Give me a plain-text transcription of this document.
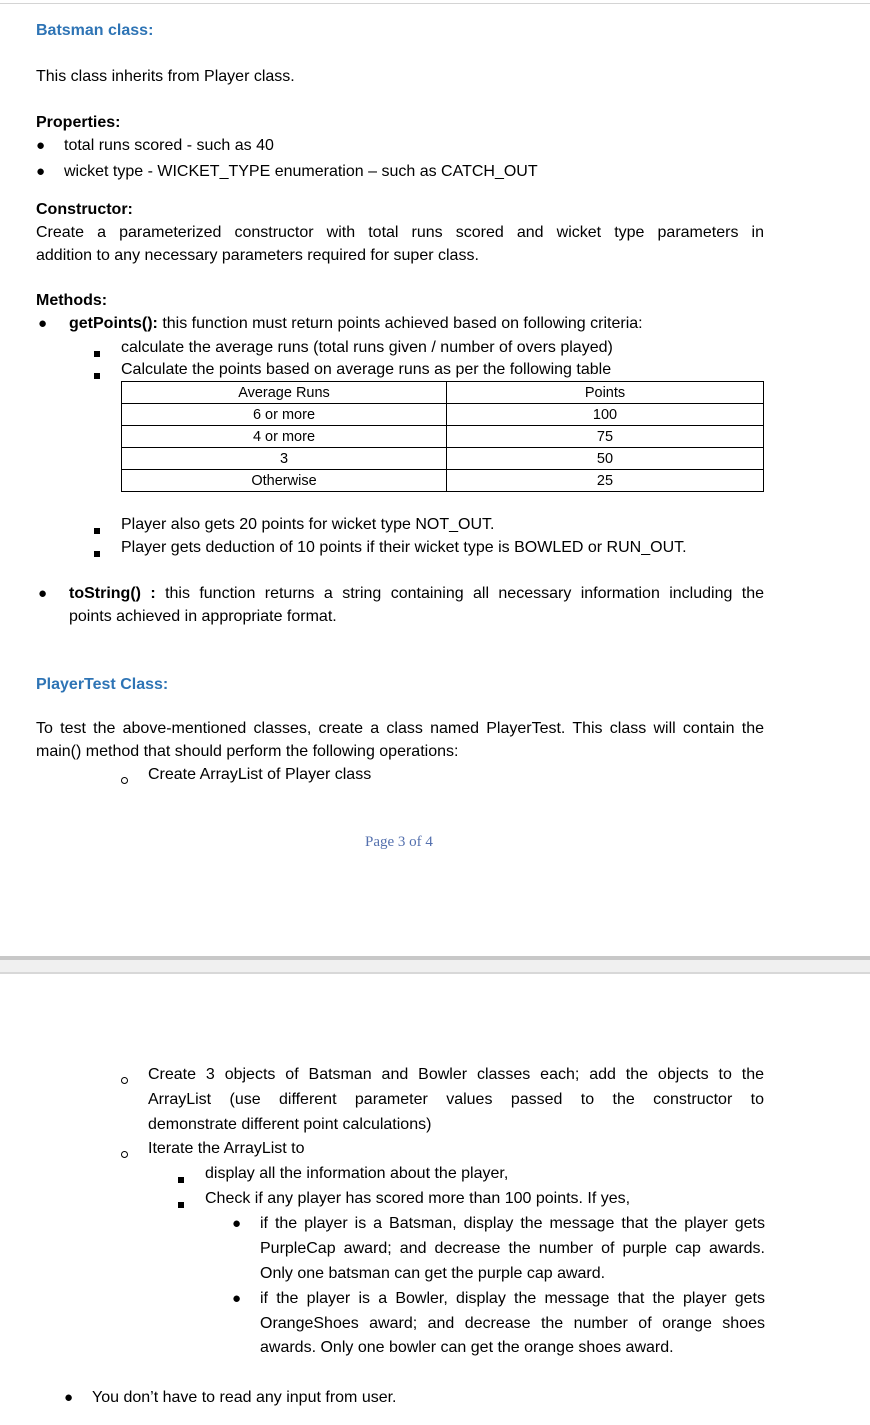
Batsman class:
This class inherits from Player class.
Properties:
● total runs scored - such as 40
● wicket type - WICKET_TYPE enumeration – such as CATCH_OUT
Constructor:
Create a parameterized constructor with total runs scored and wicket type parameters in
addition to any necessary parameters required for super class.
Methods:
● getPoints(): this function must return points achieved based on following criteria:
calculate the average runs (total runs given / number of overs played)
Calculate the points based on average runs as per the following table
Average Runs	Points
6 or more	100
4 or more	75
3	50
Otherwise	25
Player also gets 20 points for wicket type NOT_OUT.
Player gets deduction of 10 points if their wicket type is BOWLED or RUN_OUT.
● toString() : this function returns a string containing all necessary information including the
points achieved in appropriate format.
PlayerTest Class:
To test the above-mentioned classes, create a class named PlayerTest. This class will contain the
main() method that should perform the following operations:
Create ArrayList of Player class
Page 3 of 4
Create 3 objects of Batsman and Bowler classes each; add the objects to the
ArrayList (use different parameter values passed to the constructor to
demonstrate different point calculations)
Iterate the ArrayList to
display all the information about the player,
Check if any player has scored more than 100 points. If yes,
● if the player is a Batsman, display the message that the player gets
PurpleCap award; and decrease the number of purple cap awards.
Only one batsman can get the purple cap award.
● if the player is a Bowler, display the message that the player gets
OrangeShoes award; and decrease the number of orange shoes
awards. Only one bowler can get the orange shoes award.
● You don’t have to read any input from user.
